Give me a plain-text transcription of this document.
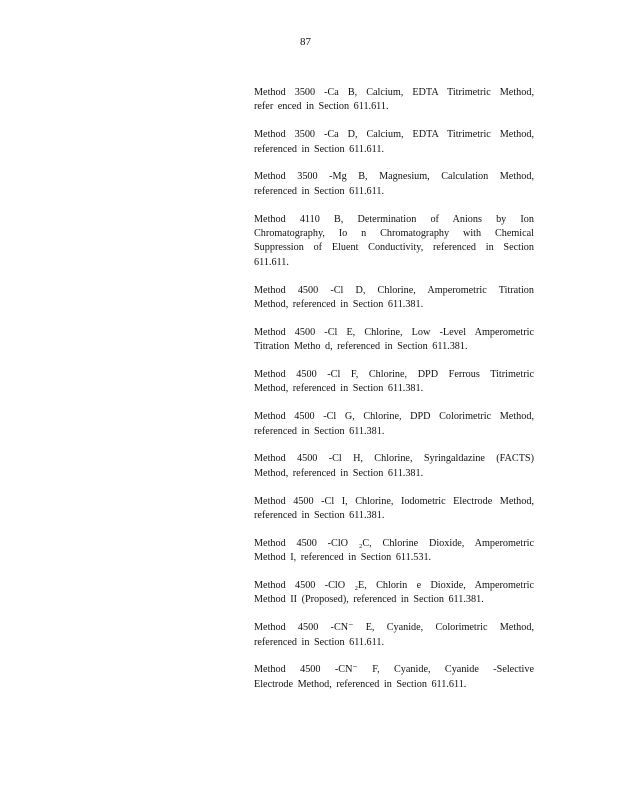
87
Method 3500 -Ca B, Calcium, EDTA Titrimetric Method,
refer enced in Section 611.611.
Method 3500 -Ca D, Calcium, EDTA Titrimetric Method,
referenced in Section 611.611.
Method 3500 -Mg B, Magnesium, Calculation Method,
referenced in Section 611.611.
Method 4110 B, Determination of Anions by Ion
Chromatography, Io n Chromatography with Chemical
Suppression of Eluent Conductivity, referenced in Section
611.611.
Method 4500 -Cl D, Chlorine, Amperometric Titration
Method, referenced in Section 611.381.
Method 4500 -Cl E, Chlorine, Low -Level Amperometric
Titration Metho d, referenced in Section 611.381.
Method 4500 -Cl F, Chlorine, DPD Ferrous Titrimetric
Method, referenced in Section 611.381.
Method 4500 -Cl G, Chlorine, DPD Colorimetric Method,
referenced in Section 611.381.
Method 4500 -Cl H, Chlorine, Syringaldazine (FACTS)
Method, referenced in Section 611.381.
Method 4500 -Cl I, Chlorine, Iodometric Electrode Method,
referenced in Section 611.381.
Method 4500 -ClO ₂C, Chlorine Dioxide, Amperometric
Method I, referenced in Section 611.531.
Method 4500 -ClO ₂E, Chlorin e Dioxide, Amperometric
Method II (Proposed), referenced in Section 611.381.
Method 4500 -CN⁻ E, Cyanide, Colorimetric Method,
referenced in Section 611.611.
Method 4500 -CN⁻ F, Cyanide, Cyanide -Selective
Electrode Method, referenced in Section 611.611.
